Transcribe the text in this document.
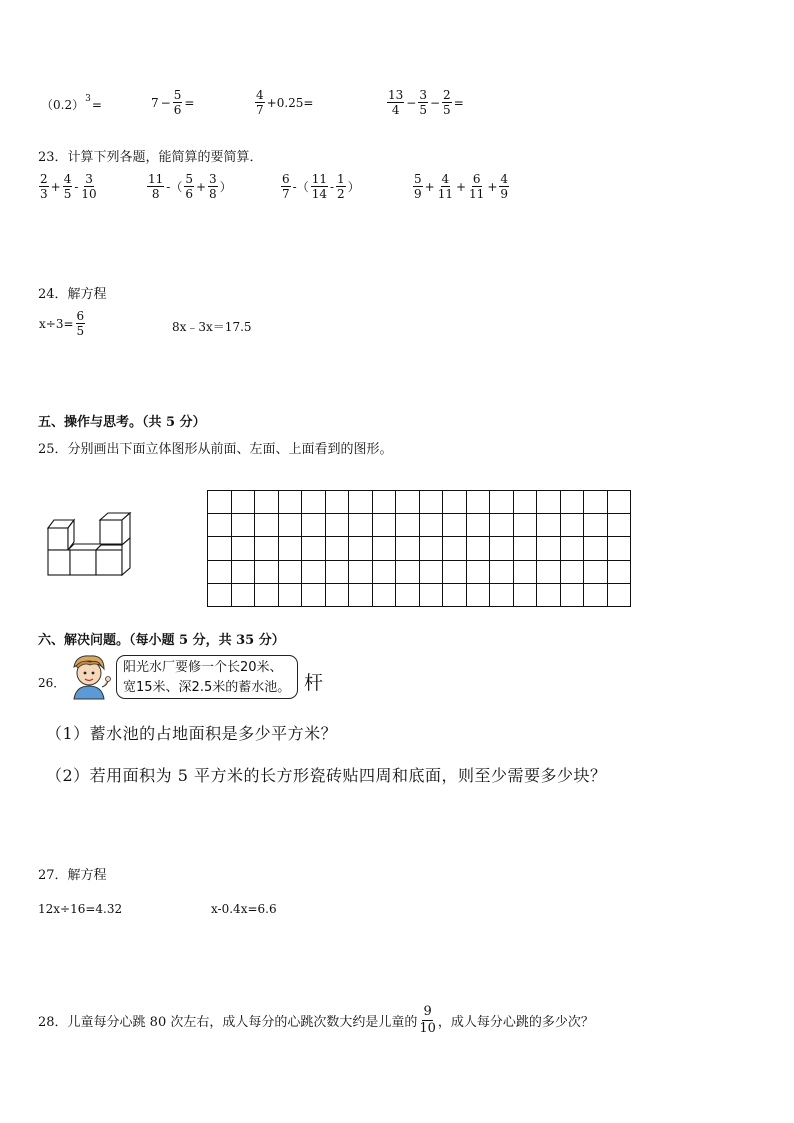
$(0.2)^3$ =	$7 - \frac{5}{6}$ =	$\frac{4}{7} +0.25=$	$\frac{13}{4} - \frac{3}{5} - \frac{2}{5}$ =
23．计算下列各题，能简算的要简算．
$\frac{2}{3} + \frac{4}{5} - \frac{3}{10}$	$\frac{11}{8}$ -（ $\frac{5}{6} + \frac{3}{8}$ ）	$\frac{6}{7}$ -（ $\frac{11}{14} - \frac{1}{2}$ ）	$\frac{5}{9} + \frac{4}{11} + \frac{6}{11} + \frac{4}{9}$
24．解方程
$x\div 3= \frac{6}{5}$	8x﹣3x＝17.5
五、操作与思考。（共 5 分）
25．分别画出下面立体图形从前面、左面、上面看到的图形。

六、解决问题。（每小题 5 分，共 35 分）
26．
阳光水厂要修一个长20米、
宽15米、深2.5米的蓄水池。 杆
（1）蓄水池的占地面积是多少平方米？
（2）若用面积为 5 平方米的长方形瓷砖贴四周和底面，则至少需要多少块？
27．解方程
12x÷16=4.32	x-0.4x=6.6
28．儿童每分心跳 80 次左右，成人每分的心跳次数大约是儿童的 $\frac{9}{10}$ ，成人每分心跳的多少次？
